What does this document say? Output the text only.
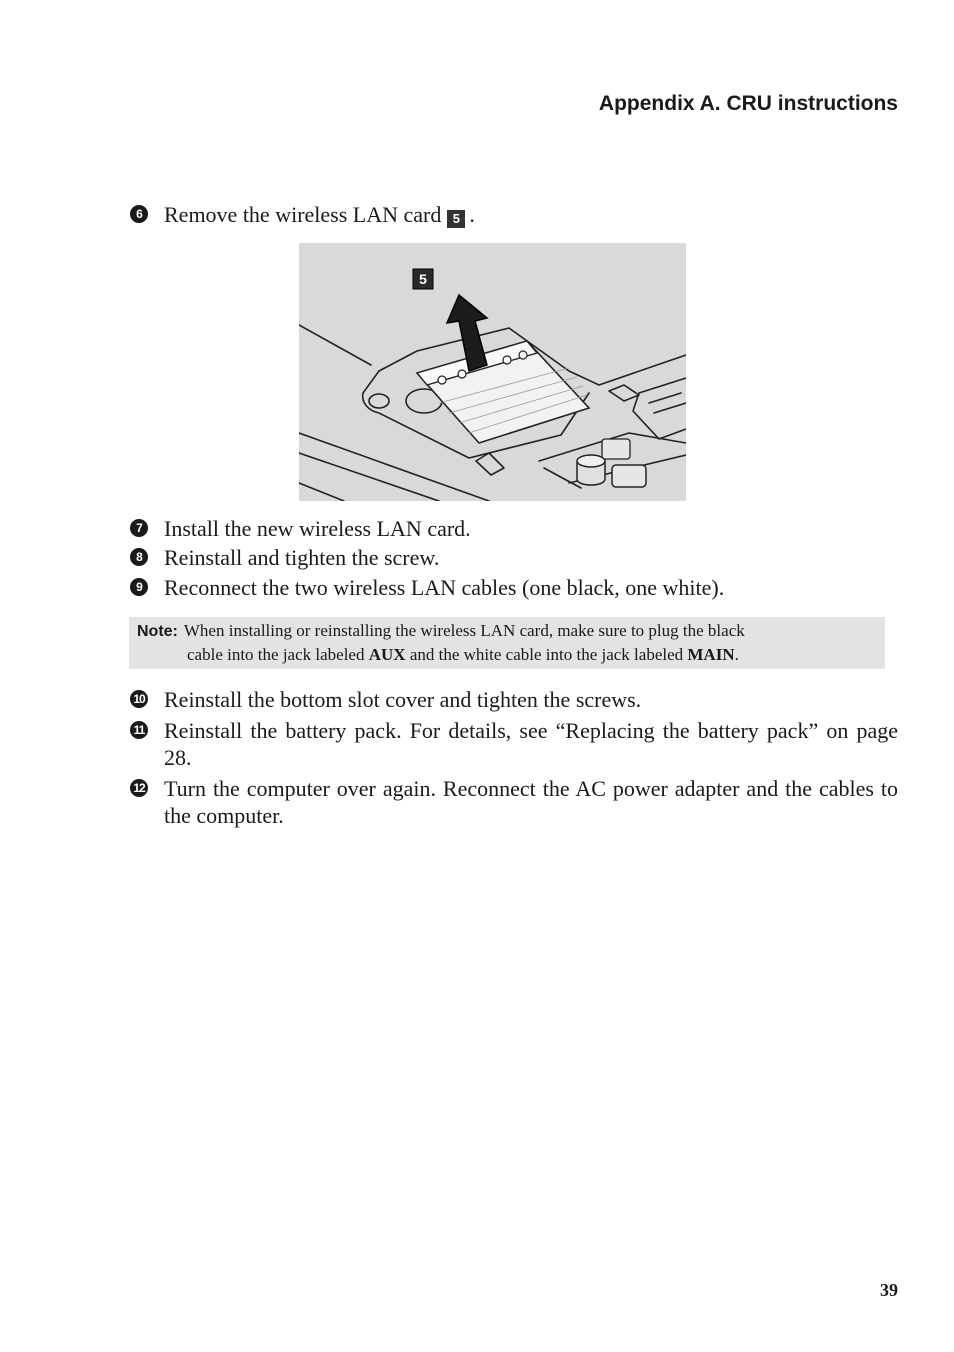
Appendix A. CRU instructions
6 Remove the wireless LAN card 5 .
5
7 Install the new wireless LAN card.
8 Reinstall and tighten the screw.
9 Reconnect the two wireless LAN cables (one black, one white).
Note: When installing or reinstalling the wireless LAN card, make sure to plug the black
cable into the jack labeled AUX and the white cable into the jack labeled MAIN.
10 Reinstall the bottom slot cover and tighten the screws.
11 Reinstall the battery pack. For details, see “Replacing the battery pack” on page 28.
12 Turn the computer over again. Reconnect the AC power adapter and the cables to the computer.
39
